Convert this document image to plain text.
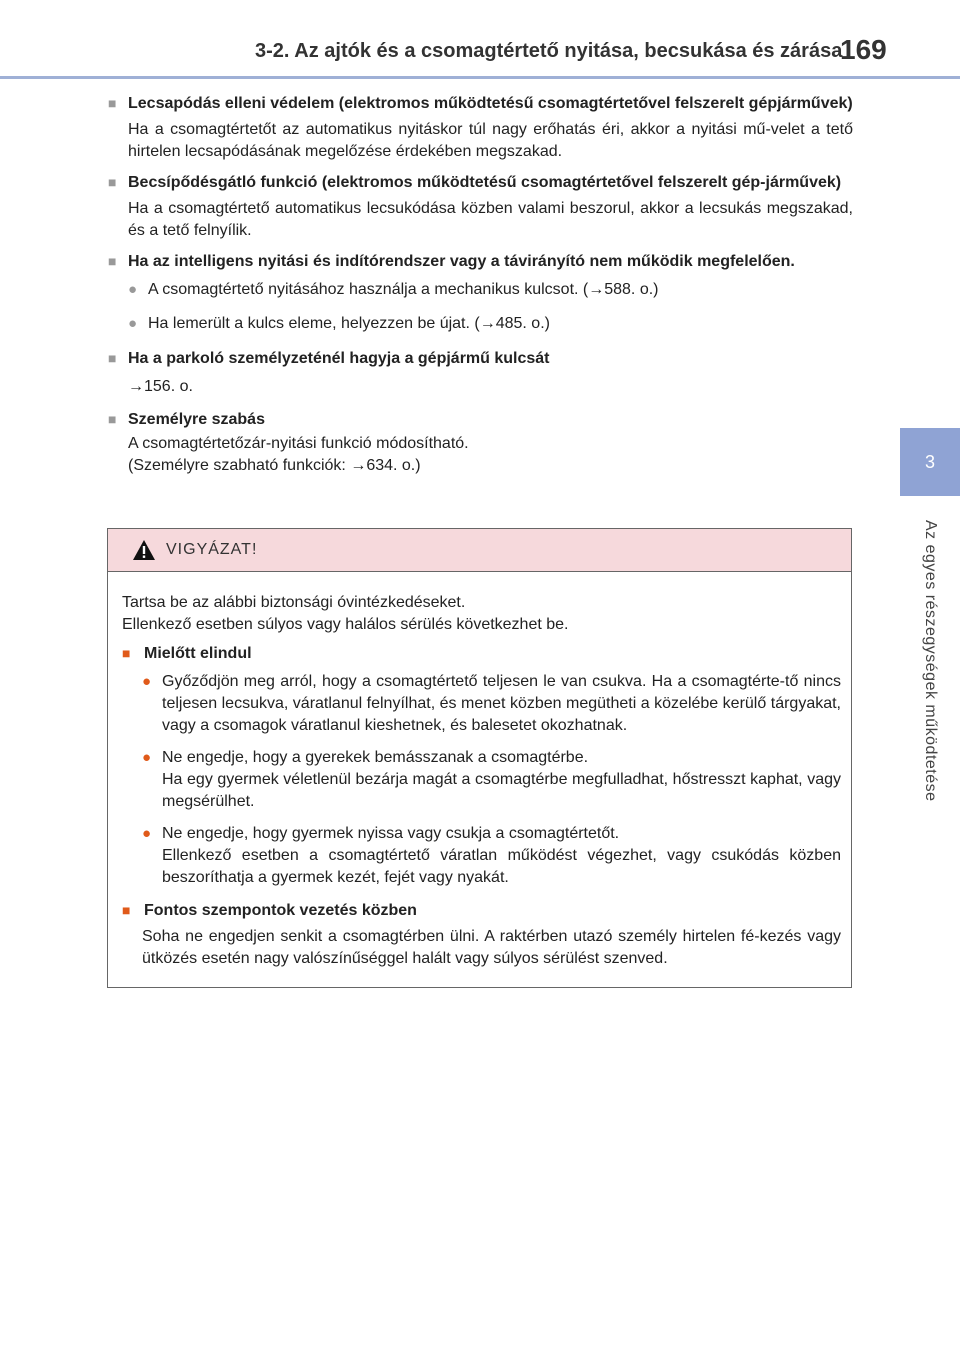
3-2. Az ajtók és a csomagtértető nyitása, becsukása és zárása
169
3
Az egyes részegységek működtetése
■ Lecsapódás elleni védelem (elektromos működtetésű csomagtértetővel felszerelt gépjárművek)
Ha a csomagtértetőt az automatikus nyitáskor túl nagy erőhatás éri, akkor a nyitási mű-velet a tető hirtelen lecsapódásának megelőzése érdekében megszakad.
■ Becsípődésgátló funkció (elektromos működtetésű csomagtértetővel felszerelt gép-járművek)
Ha a csomagtértető automatikus lecsukódása közben valami beszorul, akkor a lecsukás megszakad, és a tető felnyílik.
■ Ha az intelligens nyitási és indítórendszer vagy a távirányító nem működik megfelelően.
● A csomagtértető nyitásához használja a mechanikus kulcsot. (→588. o.)
● Ha lemerült a kulcs eleme, helyezzen be újat. (→485. o.)
■ Ha a parkoló személyzeténél hagyja a gépjármű kulcsát
→156. o.
■ Személyre szabás
A csomagtértetőzár-nyitási funkció módosítható.
(Személyre szabható funkciók: →634. o.)
VIGYÁZAT!
Tartsa be az alábbi biztonsági óvintézkedéseket.
Ellenkező esetben súlyos vagy halálos sérülés következhet be.
■ Mielőtt elindul
● Győződjön meg arról, hogy a csomagtértető teljesen le van csukva. Ha a csomagtérte-tő nincs teljesen lecsukva, váratlanul felnyílhat, és menet közben megütheti a közelébe kerülő tárgyakat, vagy a csomagok váratlanul kieshetnek, és balesetet okozhatnak.
● Ne engedje, hogy a gyerekek bemásszanak a csomagtérbe.
Ha egy gyermek véletlenül bezárja magát a csomagtérbe megfulladhat, hőstresszt kaphat, vagy megsérülhet.
● Ne engedje, hogy gyermek nyissa vagy csukja a csomagtértetőt.
Ellenkező esetben a csomagtértető váratlan működést végezhet, vagy csukódás közben beszoríthatja a gyermek kezét, fejét vagy nyakát.
■ Fontos szempontok vezetés közben
Soha ne engedjen senkit a csomagtérben ülni. A raktérben utazó személy hirtelen fé-kezés vagy ütközés esetén nagy valószínűséggel halált vagy súlyos sérülést szenved.
